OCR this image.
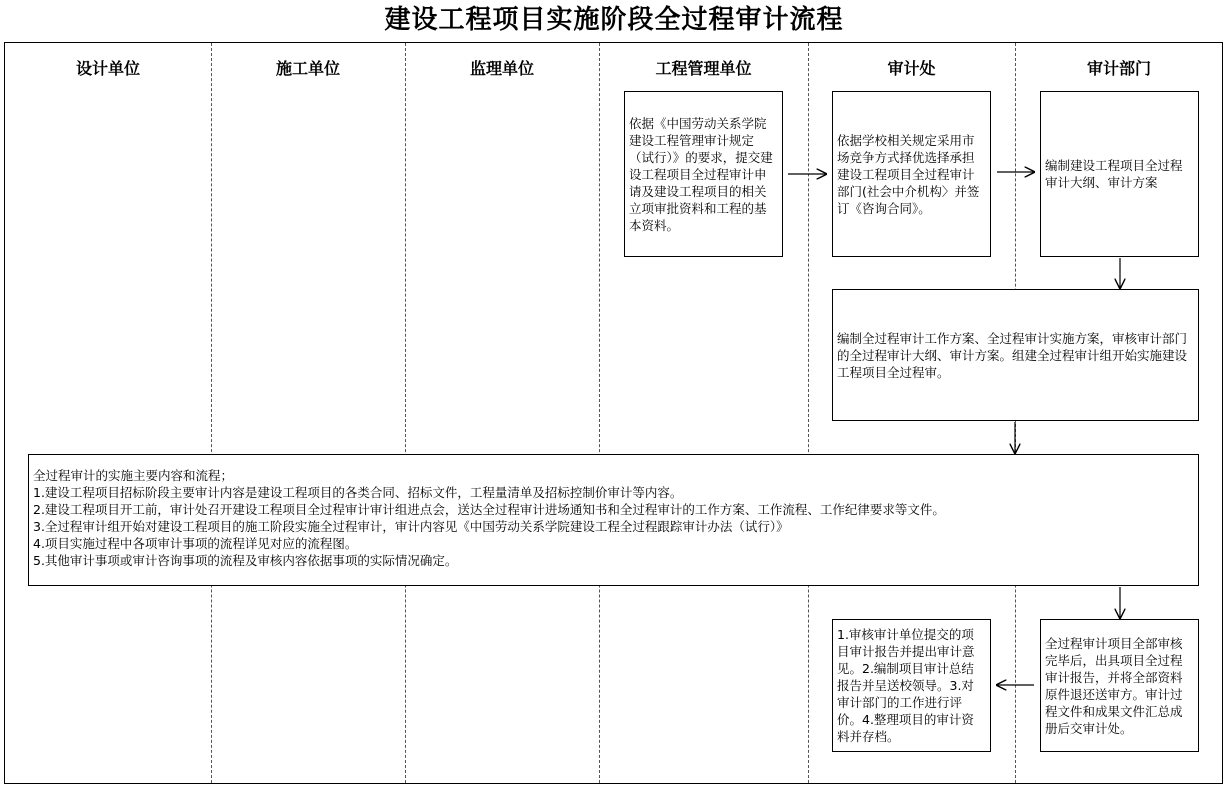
建设工程项目实施阶段全过程审计流程
设计单位	施工单位	监理单位	工程管理单位	审计处	审计部门
依据《中国劳动关系学院建设工程管理审计规定（试行）》的要求，提交建设工程项目全过程审计申请及建设工程项目的相关立项审批资料和工程的基本资料。
依据学校相关规定采用市场竞争方式择优选择承担建设工程项目全过程审计部门(社会中介机构〉并签订《咨询合同》。
编制建设工程项目全过程审计大纲、审计方案
编制全过程审计工作方案、全过程审计实施方案，审核审计部门的全过程审计大纲、审计方案。组建全过程审计组开始实施建设工程项目全过程审。
全过程审计的实施主要内容和流程；
1.建设工程项目招标阶段主要审计内容是建设工程项目的各类合同、招标文件，工程量清单及招标控制价审计等内容。
2.建设工程项目开工前，审计处召开建设工程项目全过程审计审计组进点会，送达全过程审计进场通知书和全过程审计的工作方案、工作流程、工作纪律要求等文件。
3.全过程审计组开始对建设工程项目的施工阶段实施全过程审计，审计内容见《中国劳动关系学院建设工程全过程跟踪审计办法（试行）》
4.项目实施过程中各项审计事项的流程详见对应的流程图。
5.其他审计事项或审计咨询事项的流程及审核内容依据事项的实际情况确定。
全过程审计项目全部审核完毕后，出具项目全过程审计报告，并将全部资料原件退还送审方。审计过程文件和成果文件汇总成册后交审计处。
1.审核审计单位提交的项目审计报告并提出审计意见。2.编制项目审计总结报告并呈送校领导。3.对审计部门的工作进行评价。4.整理项目的审计资料并存档。
